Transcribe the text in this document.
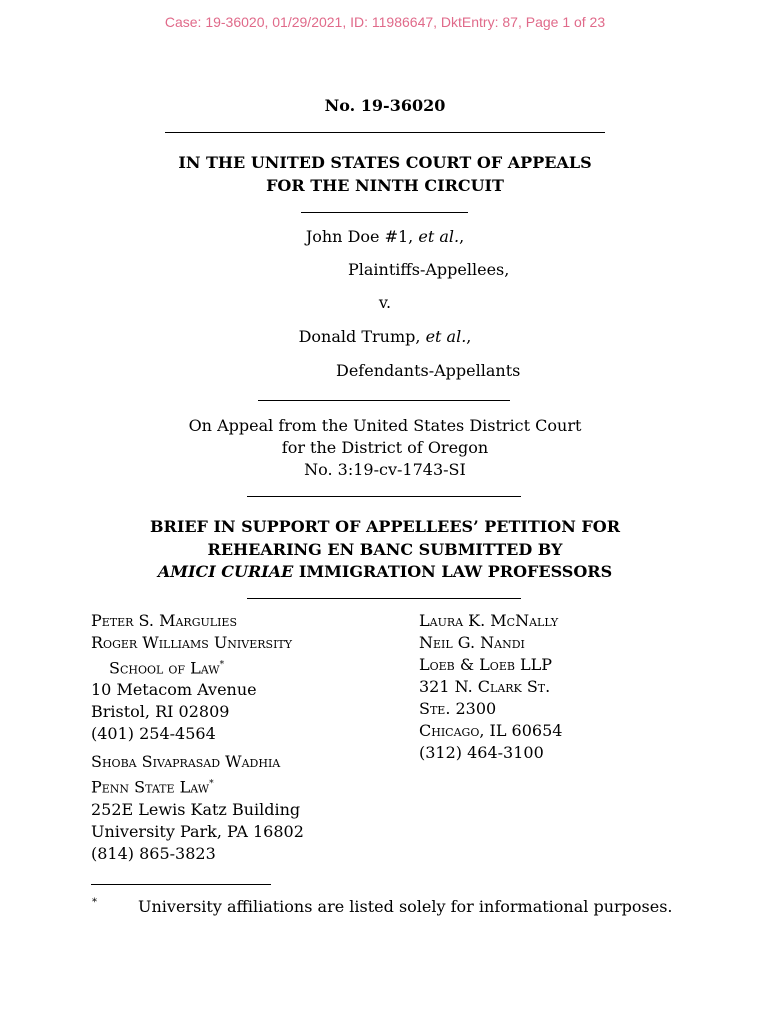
Case: 19-36020, 01/29/2021, ID: 11986647, DktEntry: 87, Page 1 of 23
No. 19-36020
IN THE UNITED STATES COURT OF APPEALS
FOR THE NINTH CIRCUIT
John Doe #1, et al.,
Plaintiffs-Appellees,
v.
Donald Trump, et al.,
Defendants-Appellants
On Appeal from the United States District Court
for the District of Oregon
No. 3:19-cv-1743-SI
BRIEF IN SUPPORT OF APPELLEES’ PETITION FOR
REHEARING EN BANC SUBMITTED BY
AMICI CURIAE IMMIGRATION LAW PROFESSORS
Peter S. Margulies
Roger Williams University
School of Law*
10 Metacom Avenue
Bristol, RI 02809
(401) 254-4564
Shoba Sivaprasad Wadhia
Penn State Law*
252E Lewis Katz Building
University Park, PA 16802
(814) 865-3823
Laura K. McNally
Neil G. Nandi
Loeb & Loeb LLP
321 N. Clark St.
Ste. 2300
Chicago, IL 60654
(312) 464-3100
*	University affiliations are listed solely for informational purposes.
